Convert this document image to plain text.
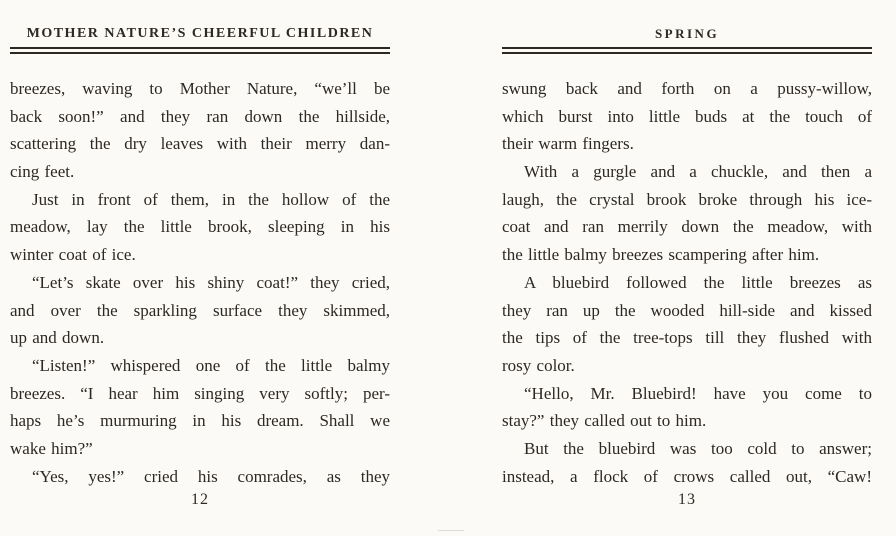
MOTHER NATURE’S CHEERFUL CHILDREN
breezes, waving to Mother Nature, “we’ll be
back soon!” and they ran down the hillside,
scattering the dry leaves with their merry dan-
cing feet.
Just in front of them, in the hollow of the
meadow, lay the little brook, sleeping in his
winter coat of ice.
“Let’s skate over his shiny coat!” they cried,
and over the sparkling surface they skimmed,
up and down.
“Listen!” whispered one of the little balmy
breezes. “I hear him singing very softly; per-
haps he’s murmuring in his dream. Shall we
wake him?”
“Yes, yes!” cried his comrades, as they
12
SPRING
swung back and forth on a pussy-willow,
which burst into little buds at the touch of
their warm fingers.
With a gurgle and a chuckle, and then a
laugh, the crystal brook broke through his ice-
coat and ran merrily down the meadow, with
the little balmy breezes scampering after him.
A bluebird followed the little breezes as
they ran up the wooded hill-side and kissed
the tips of the tree-tops till they flushed with
rosy color.
“Hello, Mr. Bluebird! have you come to
stay?” they called out to him.
But the bluebird was too cold to answer;
instead, a flock of crows called out, “Caw!
13
